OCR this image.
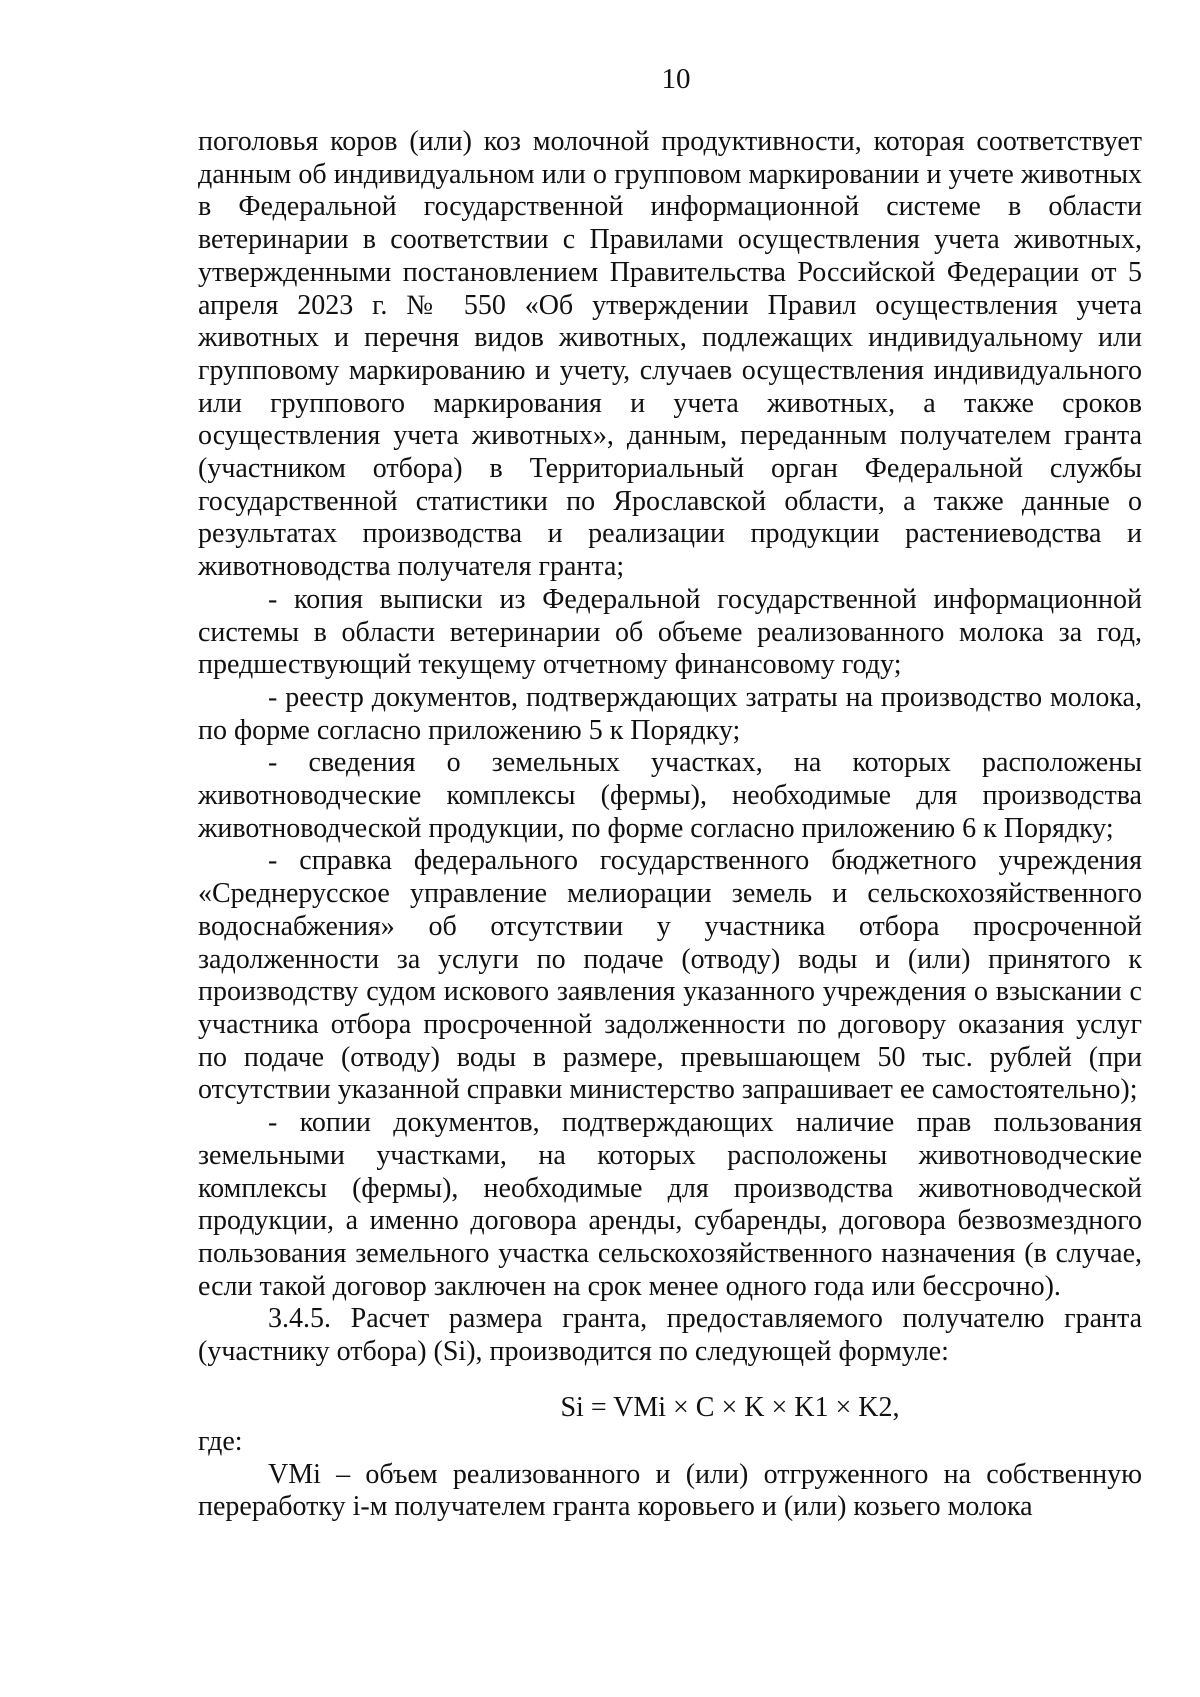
10

поголовья коров (или) коз молочной продуктивности, которая соответствует данным об индивидуальном или о групповом маркировании и учете животных в Федеральной государственной информационной системе в области ветеринарии в соответствии с Правилами осуществления учета животных, утвержденными постановлением Правительства Российской Федерации от 5 апреля 2023 г. № 550 «Об утверждении Правил осуществления учета животных и перечня видов животных, подлежащих индивидуальному или групповому маркированию и учету, случаев осуществления индивидуального или группового маркирования и учета животных, а также сроков осуществления учета животных», данным, переданным получателем гранта (участником отбора) в Территориальный орган Федеральной службы государственной статистики по Ярославской области, а также данные о результатах производства и реализации продукции растениеводства и животноводства получателя гранта;

- копия выписки из Федеральной государственной информационной системы в области ветеринарии об объеме реализованного молока за год, предшествующий текущему отчетному финансовому году;

- реестр документов, подтверждающих затраты на производство молока, по форме согласно приложению 5 к Порядку;

- сведения о земельных участках, на которых расположены животноводческие комплексы (фермы), необходимые для производства животноводческой продукции, по форме согласно приложению 6 к Порядку;

- справка федерального государственного бюджетного учреждения «Среднерусское управление мелиорации земель и сельскохозяйственного водоснабжения» об отсутствии у участника отбора просроченной задолженности за услуги по подаче (отводу) воды и (или) принятого к производству судом искового заявления указанного учреждения о взыскании с участника отбора просроченной задолженности по договору оказания услуг по подаче (отводу) воды в размере, превышающем 50 тыс. рублей (при отсутствии указанной справки министерство запрашивает ее самостоятельно);

- копии документов, подтверждающих наличие прав пользования земельными участками, на которых расположены животноводческие комплексы (фермы), необходимые для производства животноводческой продукции, а именно договора аренды, субаренды, договора безвозмездного пользования земельного участка сельскохозяйственного назначения (в случае, если такой договор заключен на срок менее одного года или бессрочно).

3.4.5. Расчет размера гранта, предоставляемого получателю гранта (участнику отбора) (Si), производится по следующей формуле:

Si = VMi × C × K × K1 × K2,

где:

VMi – объем реализованного и (или) отгруженного на собственную переработку i-м получателем гранта коровьего и (или) козьего молока
